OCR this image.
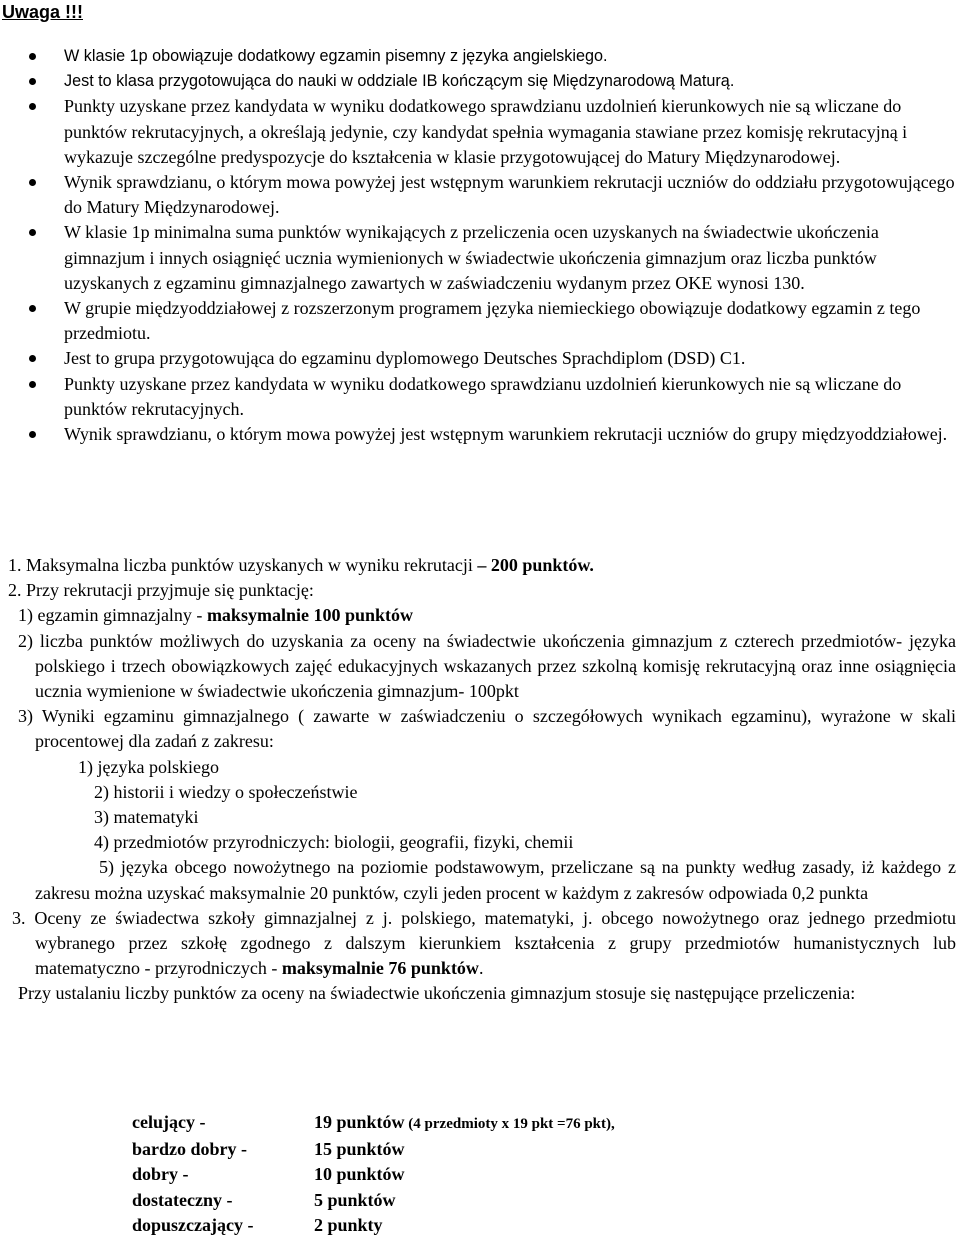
Uwaga !!!
W klasie 1p obowiązuje dodatkowy egzamin pisemny z języka angielskiego.
Jest to klasa przygotowująca do nauki w oddziale IB kończącym się Międzynarodową Maturą.
Punkty uzyskane przez kandydata w wyniku dodatkowego sprawdzianu uzdolnień kierunkowych nie są wliczane do punktów rekrutacyjnych, a określają jedynie, czy kandydat spełnia wymagania stawiane przez komisję rekrutacyjną i wykazuje szczególne predyspozycje do kształcenia w klasie przygotowującej do Matury Międzynarodowej.
Wynik sprawdzianu, o którym mowa powyżej jest wstępnym warunkiem rekrutacji uczniów do oddziału przygotowującego do Matury Międzynarodowej.
W klasie 1p minimalna suma punktów wynikających z przeliczenia ocen uzyskanych na świadectwie ukończenia gimnazjum i innych osiągnięć ucznia wymienionych w świadectwie ukończenia gimnazjum oraz liczba punktów uzyskanych z egzaminu gimnazjalnego zawartych w zaświadczeniu wydanym przez OKE wynosi 130.
W grupie międzyoddziałowej z rozszerzonym programem języka niemieckiego obowiązuje dodatkowy egzamin z tego przedmiotu.
Jest to grupa przygotowująca do egzaminu dyplomowego Deutsches Sprachdiplom (DSD) C1.
Punkty uzyskane przez kandydata w wyniku dodatkowego sprawdzianu uzdolnień kierunkowych nie są wliczane do punktów rekrutacyjnych.
Wynik sprawdzianu, o którym mowa powyżej jest wstępnym warunkiem rekrutacji uczniów do grupy międzyoddziałowej.
1. Maksymalna liczba punktów uzyskanych w wyniku rekrutacji – 200 punktów.
2. Przy rekrutacji przyjmuje się punktację:
1) egzamin gimnazjalny - maksymalnie 100 punktów
2) liczba punktów możliwych do uzyskania za oceny na świadectwie ukończenia gimnazjum z czterech przedmiotów- języka polskiego i trzech obowiązkowych zajęć edukacyjnych wskazanych przez szkolną komisję rekrutacyjną oraz inne osiągnięcia ucznia wymienione w świadectwie ukończenia gimnazjum- 100pkt
3) Wyniki egzaminu gimnazjalnego ( zawarte w zaświadczeniu o szczegółowych wynikach egzaminu), wyrażone w skali procentowej dla zadań z zakresu:
1) języka polskiego
2) historii i wiedzy o społeczeństwie
3) matematyki
4) przedmiotów przyrodniczych: biologii, geografii, fizyki, chemii
5) języka obcego nowożytnego na poziomie podstawowym, przeliczane są na punkty według zasady, iż każdego z zakresu można uzyskać maksymalnie 20 punktów, czyli jeden procent w każdym z zakresów odpowiada 0,2 punkta
3. Oceny ze świadectwa szkoły gimnazjalnej z j. polskiego, matematyki, j. obcego nowożytnego oraz jednego przedmiotu wybranego przez szkołę zgodnego z dalszym kierunkiem kształcenia z grupy przedmiotów humanistycznych lub matematyczno - przyrodniczych - maksymalnie 76 punktów.
Przy ustalaniu liczby punktów za oceny na świadectwie ukończenia gimnazjum stosuje się następujące przeliczenia:
celujący -	19 punktów (4 przedmioty x 19 pkt =76 pkt),
bardzo dobry -	15 punktów
dobry -	10 punktów
dostateczny -	5 punktów
dopuszczający -	2 punkty
